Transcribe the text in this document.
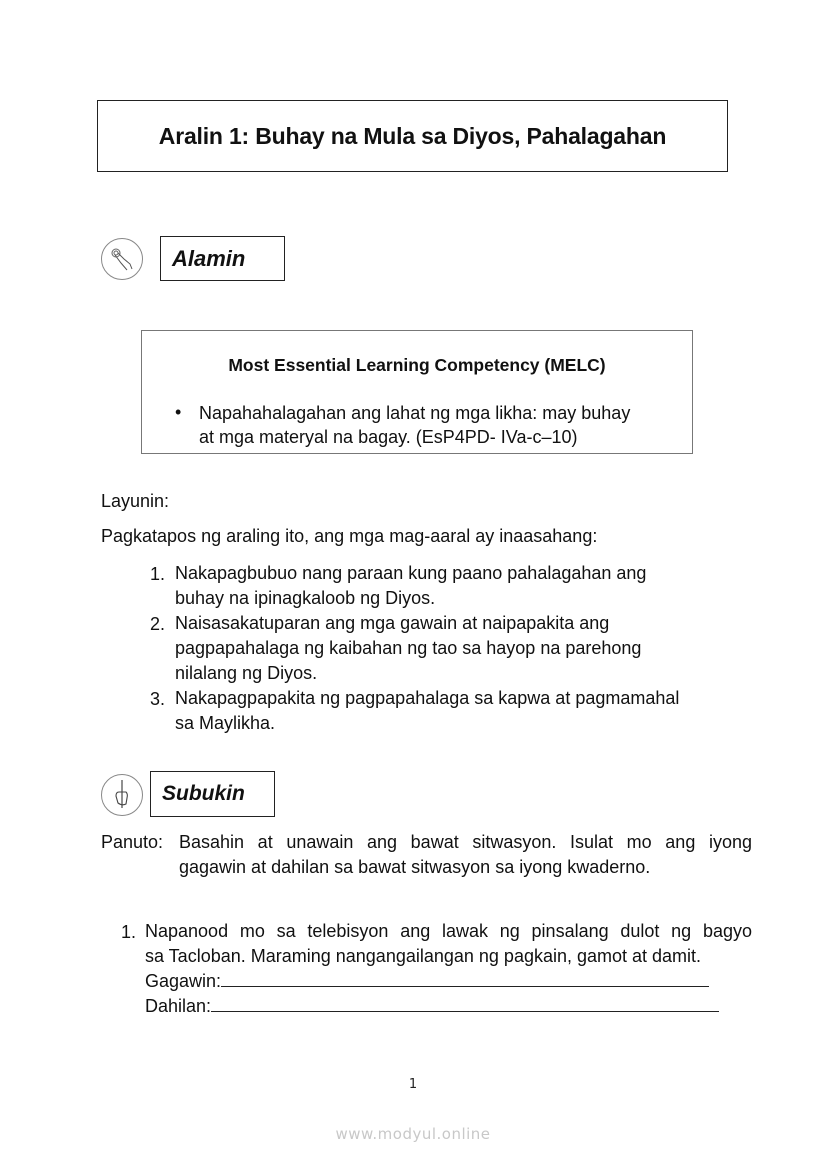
Aralin 1: Buhay na Mula sa Diyos, Pahalagahan
Alamin
Most Essential Learning Competency (MELC)
• Napahahalagahan ang lahat ng mga likha: may buhay
at mga materyal na bagay. (EsP4PD- IVa-c–10)
Layunin:
Pagkatapos ng araling ito, ang mga mag-aaral ay inaasahang:
1. Nakapagbubuo nang paraan kung paano pahalagahan ang
buhay na ipinagkaloob ng Diyos.
2. Naisasakatuparan ang mga gawain at naipapakita ang
pagpapahalaga ng kaibahan ng tao sa hayop na parehong
nilalang ng Diyos.
3. Nakapagpapakita ng pagpapahalaga sa kapwa at pagmamahal
sa Maylikha.
Subukin
Panuto: Basahin at unawain ang bawat sitwasyon. Isulat mo ang iyong
gagawin at dahilan sa bawat sitwasyon sa iyong kwaderno.
1. Napanood mo sa telebisyon ang lawak ng pinsalang dulot ng bagyo
sa Tacloban. Maraming nangangailangan ng pagkain, gamot at damit.
Gagawin:
Dahilan:
1
www.modyul.online
